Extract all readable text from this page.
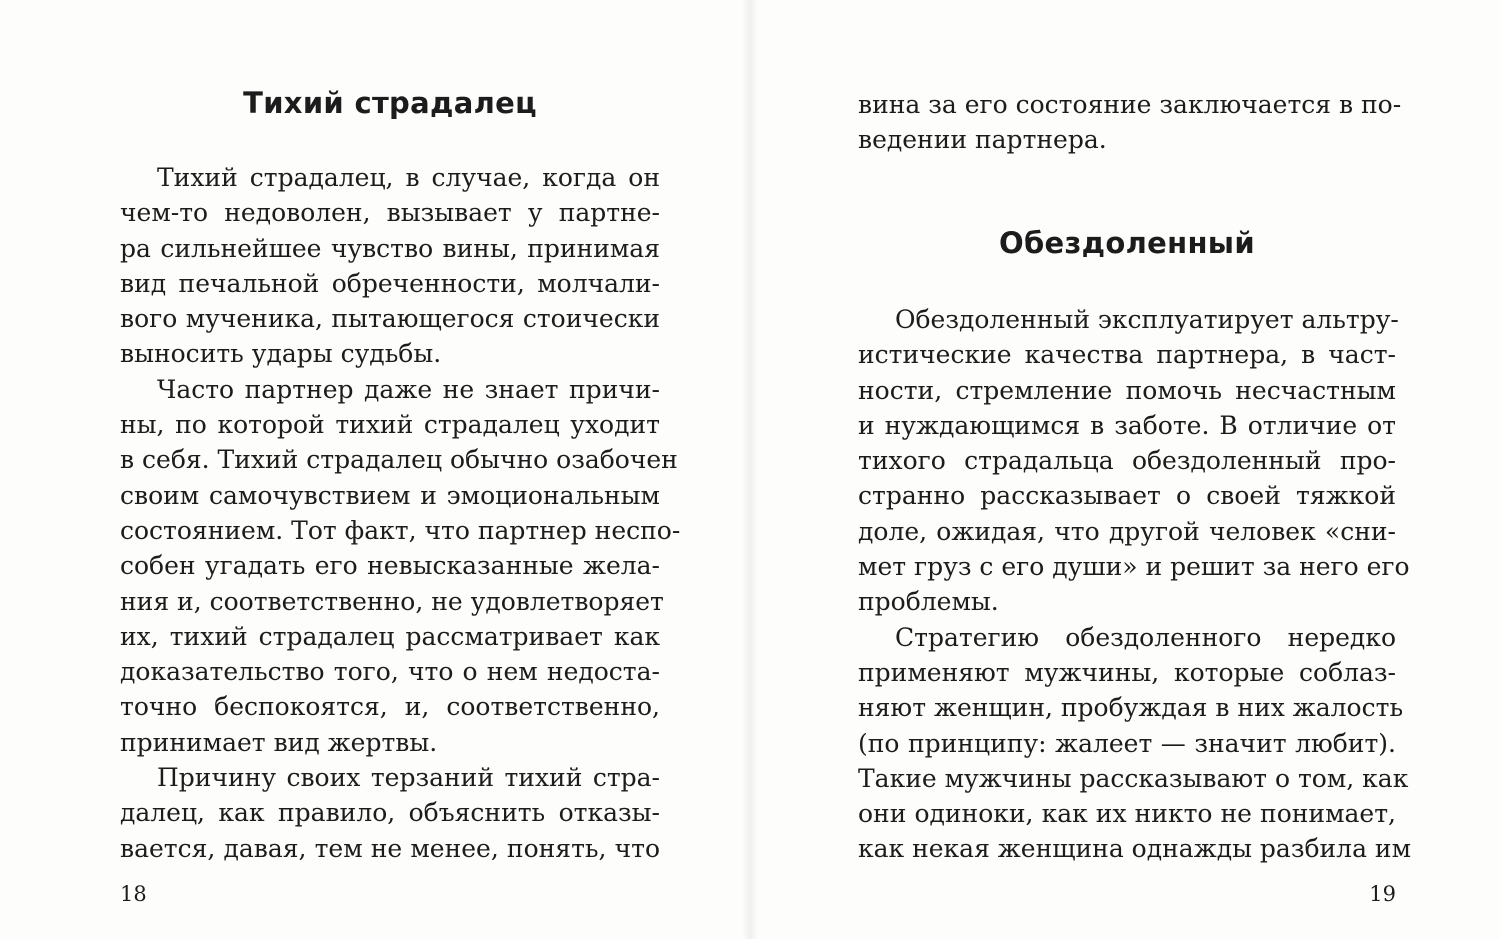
Тихий страдалец
Тихий страдалец, в случае, когда он
чем-то недоволен, вызывает у партне-
ра сильнейшее чувство вины, принимая
вид печальной обреченности, молчали-
вого мученика, пытающегося стоически
выносить удары судьбы.
Часто партнер даже не знает причи-
ны, по которой тихий страдалец уходит
в себя. Тихий страдалец обычно озабочен
своим самочувствием и эмоциональным
состоянием. Тот факт, что партнер неспо-
собен угадать его невысказанные жела-
ния и, соответственно, не удовлетворяет
их, тихий страдалец рассматривает как
доказательство того, что о нем недоста-
точно беспокоятся, и, соответственно,
принимает вид жертвы.
Причину своих терзаний тихий стра-
далец, как правило, объяснить отказы-
вается, давая, тем не менее, понять, что
18
вина за его состояние заключается в по-
ведении партнера.
Обездоленный
Обездоленный эксплуатирует альтру-
истические качества партнера, в част-
ности, стремление помочь несчастным
и нуждающимся в заботе. В отличие от
тихого страдальца обездоленный про-
странно рассказывает о своей тяжкой
доле, ожидая, что другой человек «сни-
мет груз с его души» и решит за него его
проблемы.
Стратегию обездоленного нередко
применяют мужчины, которые соблаз-
няют женщин, пробуждая в них жалость
(по принципу: жалеет — значит любит).
Такие мужчины рассказывают о том, как
они одиноки, как их никто не понимает,
как некая женщина однажды разбила им
19
